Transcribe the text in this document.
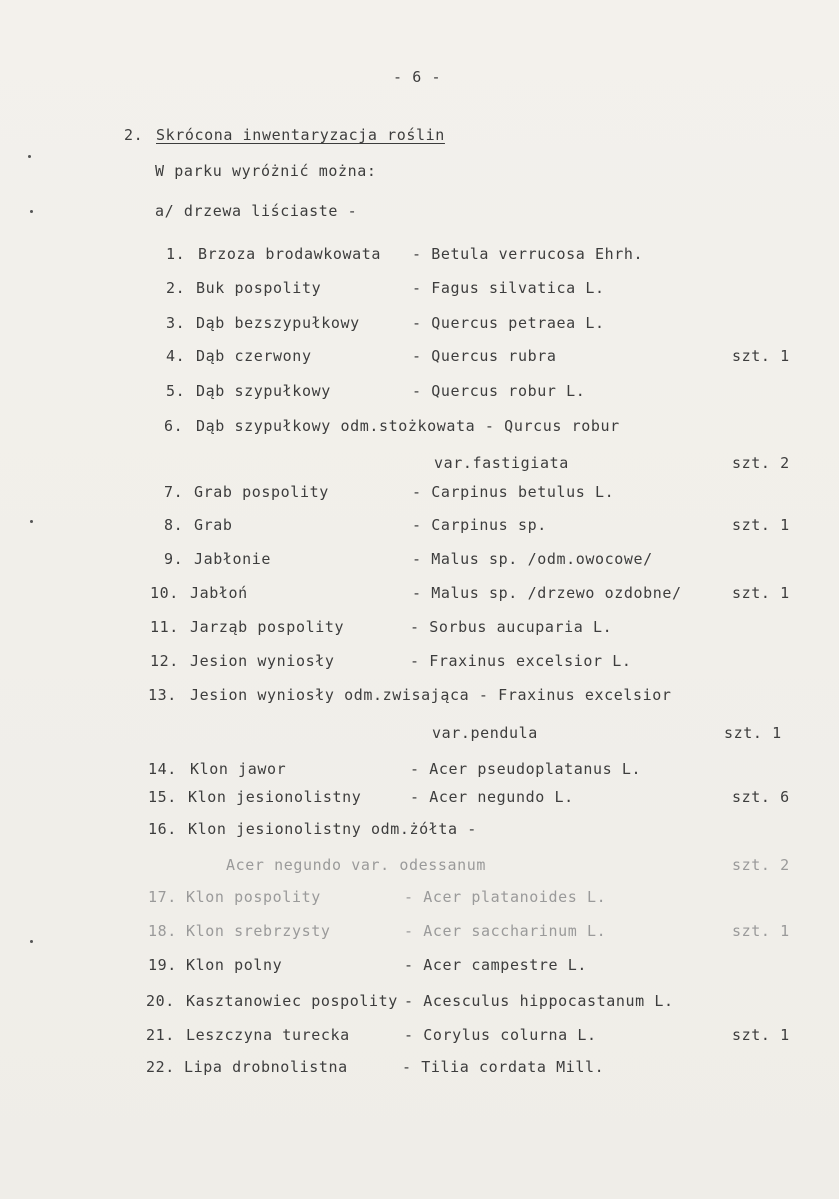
- 6 -
2. Skrócona inwentaryzacja roślin
W parku wyróżnić można:
a/ drzewa liściaste -
1. Brzoza brodawkowata - Betula verrucosa Ehrh.
2. Buk pospolity	- Fagus silvatica L.
3. Dąb bezszypułkowy	- Quercus petraea L.
4. Dąb czerwony	- Quercus rubra	szt. 1
5. Dąb szypułkowy	- Quercus robur L.
6. Dąb szypułkowy odm.stożkowata - Qurcus robur
var.fastigiata	szt. 2
7. Grab pospolity	- Carpinus betulus L.
8. Grab	- Carpinus sp.	szt. 1
9. Jabłonie	- Malus sp. /odm.owocowe/
10. Jabłoń	- Malus sp. /drzewo ozdobne/	szt. 1
11. Jarząb pospolity	- Sorbus aucuparia L.
12. Jesion wyniosły	- Fraxinus excelsior L.
13. Jesion wyniosły odm.zwisająca - Fraxinus excelsior
var.pendula	szt. 1
14. Klon jawor	- Acer pseudoplatanus L.
15. Klon jesionolistny	- Acer negundo L.	szt. 6
16. Klon jesionolistny odm.żółta -
Acer negundo var. odessanum	szt. 2
17. Klon pospolity	- Acer platanoides L.
18. Klon srebrzysty	- Acer saccharinum L.	szt. 1
19. Klon polny	- Acer campestre L.
20. Kasztanowiec pospolity - Acesculus hippocastanum L.
21. Leszczyna turecka	- Corylus colurna L.	szt. 1
22. Lipa drobnolistna	- Tilia cordata Mill.
